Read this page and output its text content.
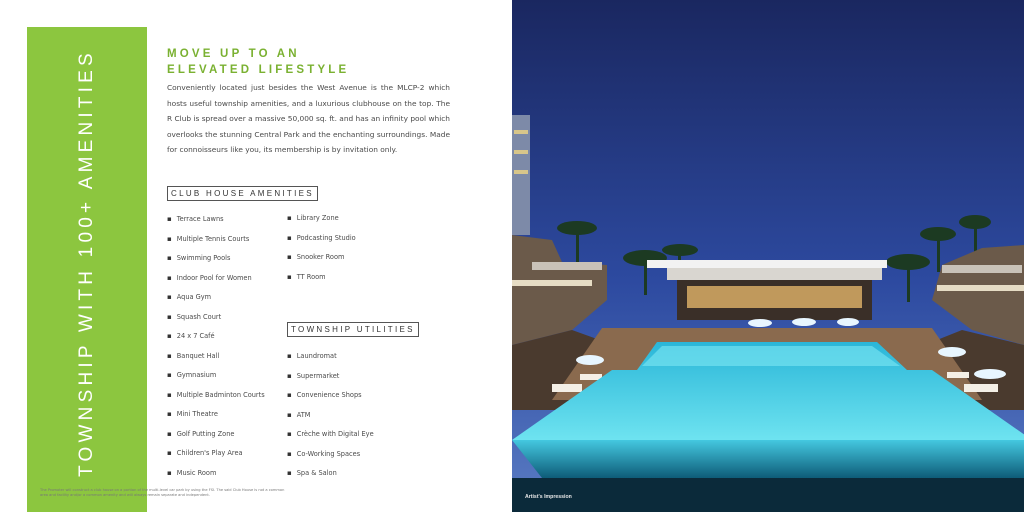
TOWNSHIP WITH 100+ AMENITIES	MOVE UP TO AN
ELEVATED LIFESTYLE
Conveniently located just besides the West Avenue is the MLCP-2 which hosts useful township amenities, and a luxurious clubhouse on the top. The R Club is spread over a massive 50,000 sq. ft. and has an infinity pool which overlooks the stunning Central Park and the enchanting surroundings. Made for connoisseurs like you, its membership is by invitation only.
CLUB HOUSE AMENITIES
▪ Terrace Lawns
▪ Multiple Tennis Courts
▪ Swimming Pools
▪ Indoor Pool for Women
▪ Aqua Gym
▪ Squash Court
▪ 24 x 7 Café
▪ Banquet Hall
▪ Gymnasium
▪ Multiple Badminton Courts
▪ Mini Theatre
▪ Golf Putting Zone
▪ Children's Play Area
▪ Music Room
▪ Library Zone
▪ Podcasting Studio
▪ Snooker Room
▪ TT Room
TOWNSHIP UTILITIES
▪ Laundromat
▪ Supermarket
▪ Convenience Shops
▪ ATM
▪ Crèche with Digital Eye
▪ Co-Working Spaces
▪ Spa & Salon
The Promoter will construct a club house on a portion of the multi-level car park by using the FSI. The said Club House is not a common area and facility and/or a common amenity and will always remain separate and independent.	Artist's Impression
